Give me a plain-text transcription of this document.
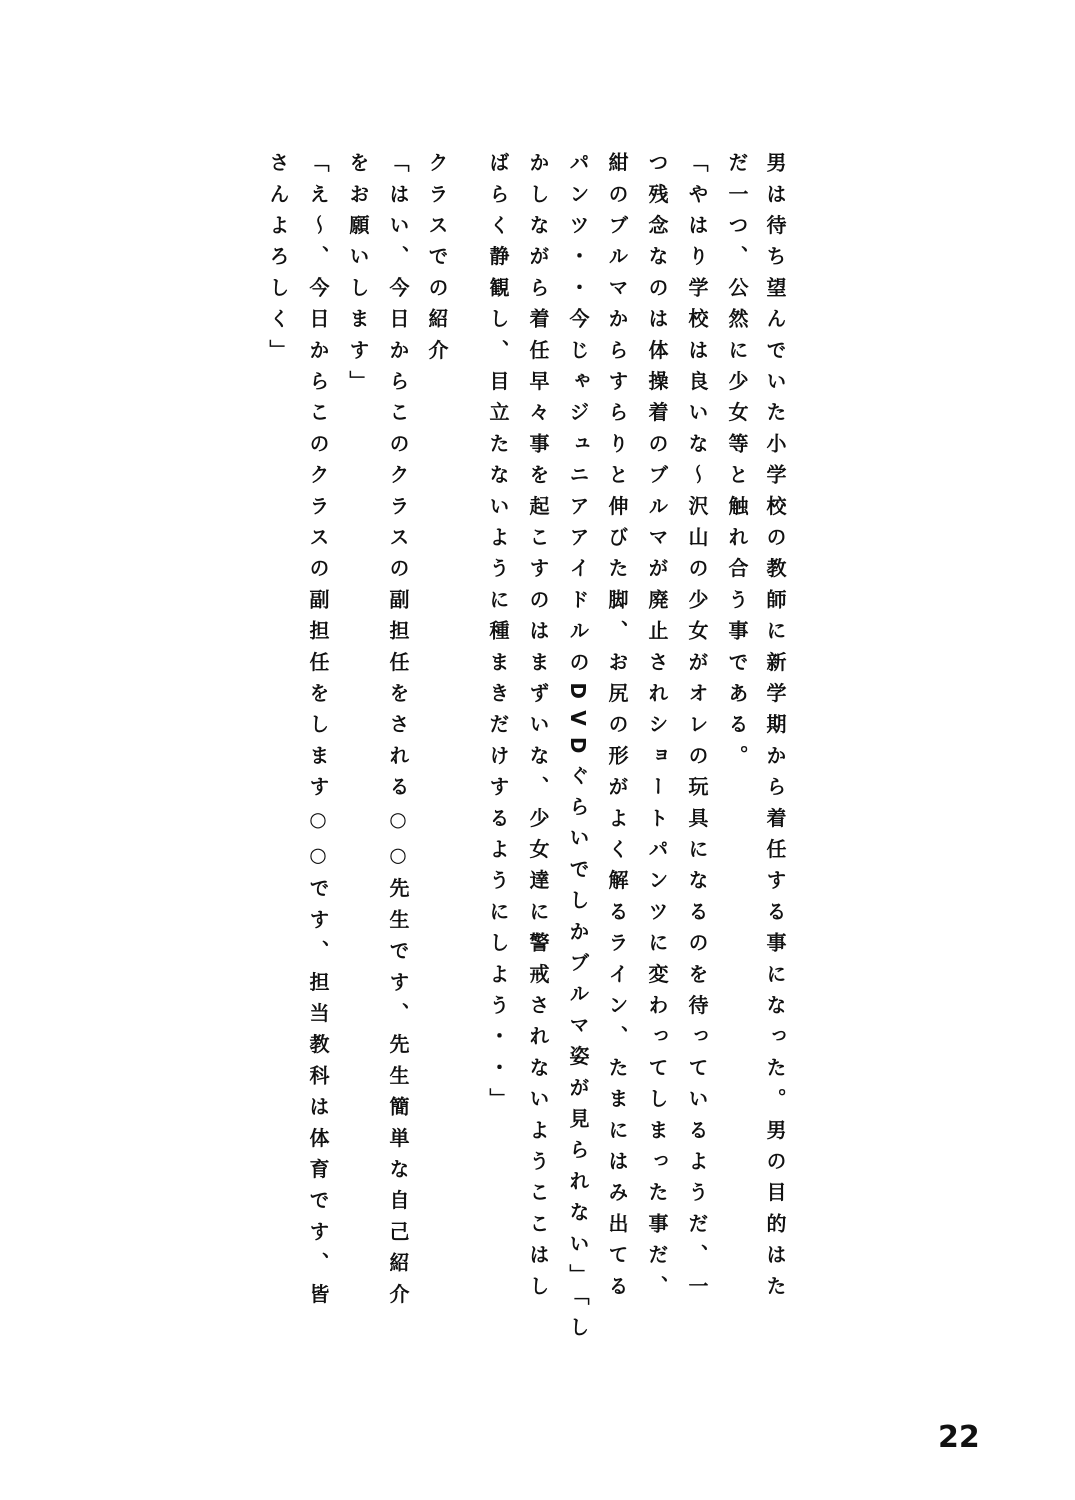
男は待ち望んでいた小学校の教師に新学期から着任する事になった。男の目的はた
だ一つ、公然に少女等と触れ合う事である。
「やはり学校は良いな～沢山の少女がオレの玩具になるのを待っているようだ、一
つ残念なのは体操着のブルマが廃止されショートパンツに変わってしまった事だ、
紺のブルマからすらりと伸びた脚、お尻の形がよく解るライン、たまにはみ出てる
パンツ・・今じゃジュニアアイドルのDVDぐらいでしかブルマ姿が見られない」「し
かしながら着任早々事を起こすのはまずいな、少女達に警戒されないようここはし
ばらく静観し、目立たないように種まきだけするようにしよう・・」
クラスでの紹介
「はい、今日からこのクラスの副担任をされる○○先生です、先生簡単な自己紹介
をお願いします」
「え～、今日からこのクラスの副担任をします○○です、担当教科は体育です、皆
さんよろしく」
22
